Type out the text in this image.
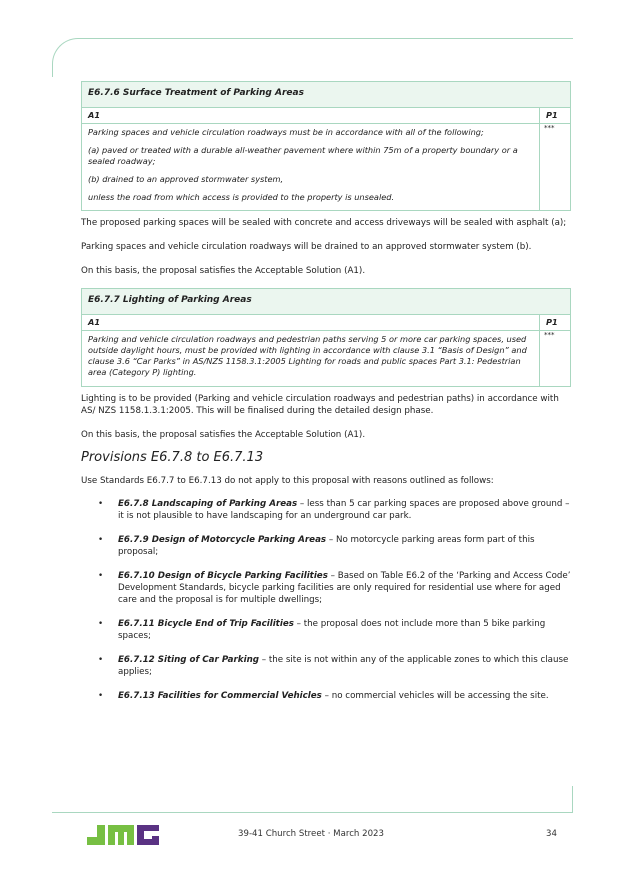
E6.7.6 Surface Treatment of Parking Areas	
A1	P1

Parking spaces and vehicle circulation roadways must be in accordance with all of the following;

(a) paved or treated with a durable all-weather pavement where within 75m of a property boundary or a sealed roadway;

(b) drained to an approved stormwater system,

unless the road from which access is provided to the property is unsealed.	***

The proposed parking spaces will be sealed with concrete and access driveways will be sealed with asphalt (a);

Parking spaces and vehicle circulation roadways will be drained to an approved stormwater system (b).

On this basis, the proposal satisfies the Acceptable Solution (A1).

E6.7.7 Lighting of Parking Areas	
A1	P1

Parking and vehicle circulation roadways and pedestrian paths serving 5 or more car parking spaces, used outside daylight hours, must be provided with lighting in accordance with clause 3.1 “Basis of Design” and clause 3.6 “Car Parks” in AS/NZS 1158.3.1:2005 Lighting for roads and public spaces Part 3.1: Pedestrian area (Category P) lighting.	***

Lighting is to be provided (Parking and vehicle circulation roadways and pedestrian paths) in accordance with AS/ NZS 1158.1.3.1:2005. This will be finalised during the detailed design phase.

On this basis, the proposal satisfies the Acceptable Solution (A1).

Provisions E6.7.8 to E6.7.13

Use Standards E6.7.7 to E6.7.13 do not apply to this proposal with reasons outlined as follows:

• E6.7.8 Landscaping of Parking Areas – less than 5 car parking spaces are proposed above ground – it is not plausible to have landscaping for an underground car park.
• E6.7.9 Design of Motorcycle Parking Areas – No motorcycle parking areas form part of this proposal;
• E6.7.10 Design of Bicycle Parking Facilities – Based on Table E6.2 of the ‘Parking and Access Code’ Development Standards, bicycle parking facilities are only required for residential use where for aged care and the proposal is for multiple dwellings;
• E6.7.11 Bicycle End of Trip Facilities – the proposal does not include more than 5 bike parking spaces;
• E6.7.12 Siting of Car Parking – the site is not within any of the applicable zones to which this clause applies;
• E6.7.13 Facilities for Commercial Vehicles – no commercial vehicles will be accessing the site.
39-41 Church Street · March 2023	34
